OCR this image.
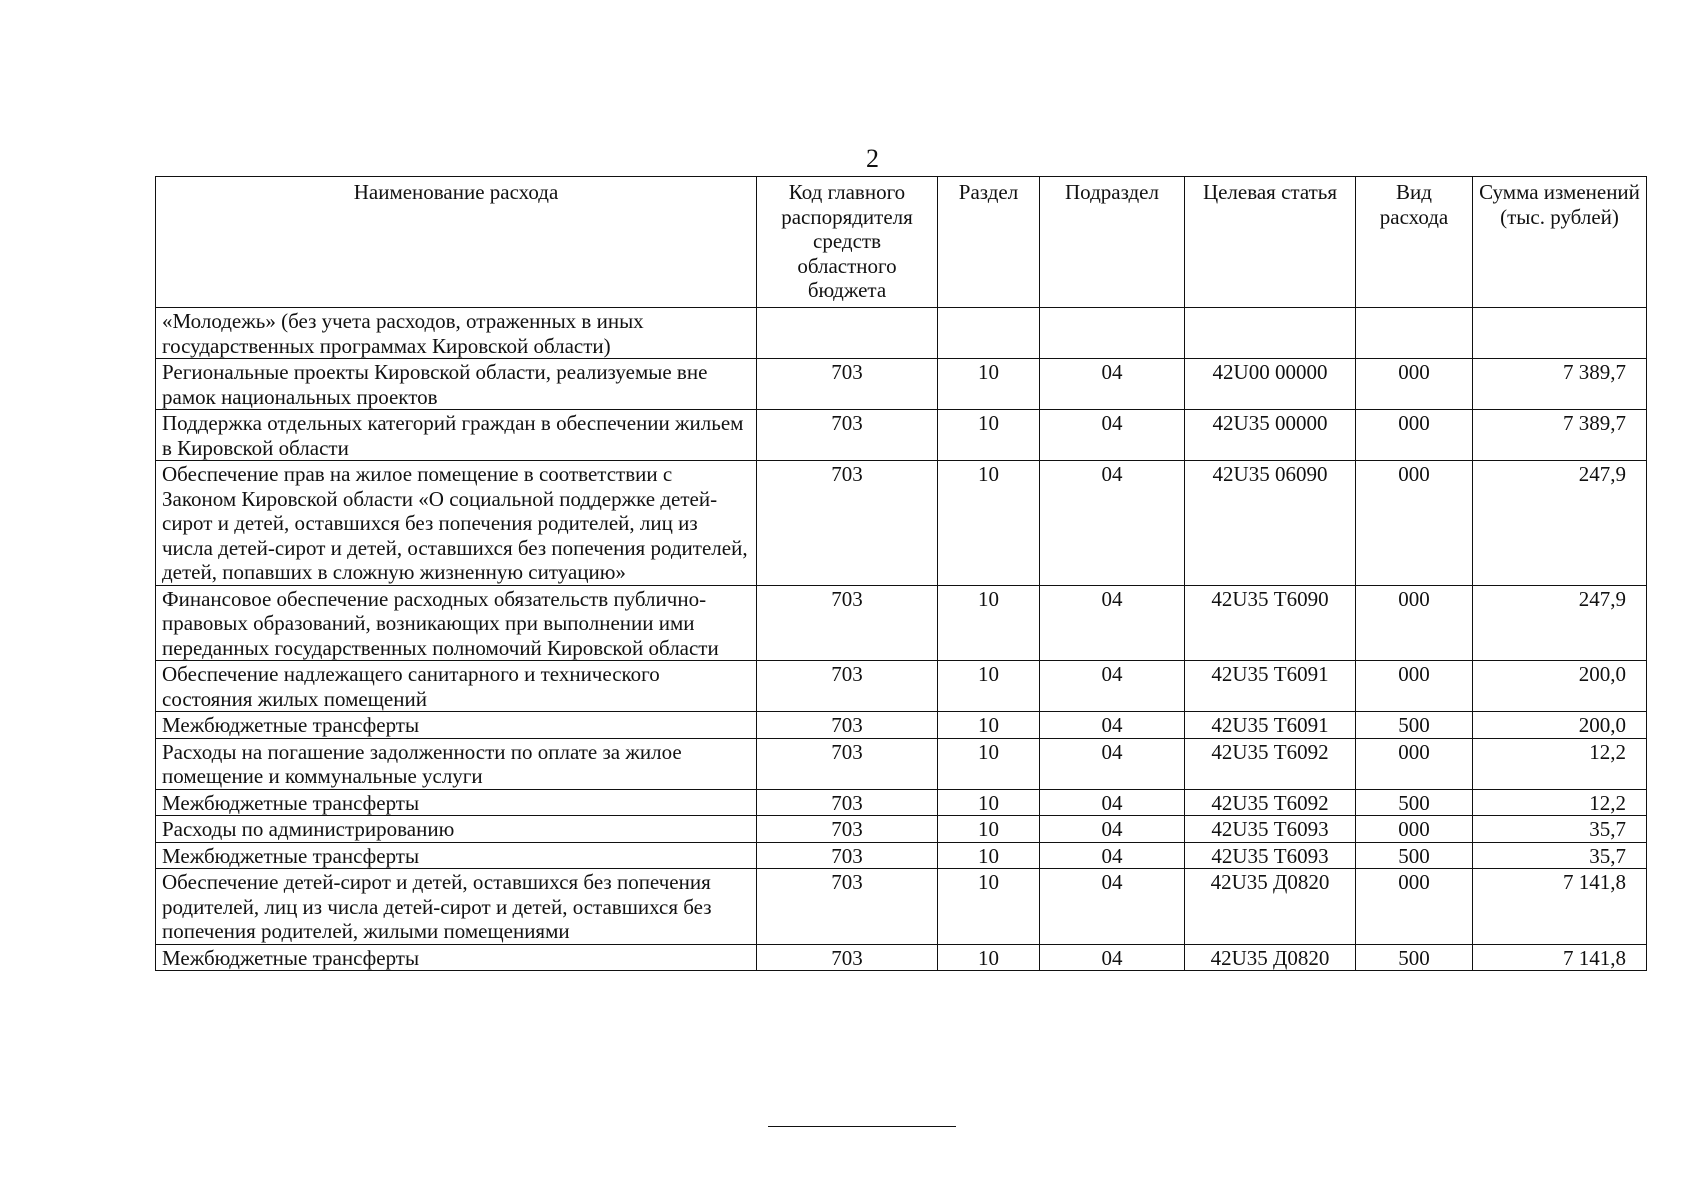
2
Наименование расхода	Код главного распорядителя средств областного бюджета	Раздел	Подраздел	Целевая статья	Вид расхода	Сумма изменений (тыс. рублей)
«Молодежь» (без учета расходов, отраженных в иных государственных программах Кировской области)						
Региональные проекты Кировской области, реализуемые вне рамок национальных проектов	703	10	04	42U00 00000	000	7 389,7
Поддержка отдельных категорий граждан в обеспечении жильем в Кировской области	703	10	04	42U35 00000	000	7 389,7
Обеспечение прав на жилое помещение в соответствии с Законом Кировской области «О социальной поддержке детей-сирот и детей, оставшихся без попечения родителей, лиц из числа детей-сирот и детей, оставшихся без попечения родителей, детей, попавших в сложную жизненную ситуацию»	703	10	04	42U35 06090	000	247,9
Финансовое обеспечение расходных обязательств публично-правовых образований, возникающих при выполнении ими переданных государственных полномочий Кировской области	703	10	04	42U35 Т6090	000	247,9
Обеспечение надлежащего санитарного и технического состояния жилых помещений	703	10	04	42U35 Т6091	000	200,0
Межбюджетные трансферты	703	10	04	42U35 Т6091	500	200,0
Расходы на погашение задолженности по оплате за жилое помещение и коммунальные услуги	703	10	04	42U35 Т6092	000	12,2
Межбюджетные трансферты	703	10	04	42U35 Т6092	500	12,2
Расходы по администрированию	703	10	04	42U35 Т6093	000	35,7
Межбюджетные трансферты	703	10	04	42U35 Т6093	500	35,7
Обеспечение детей-сирот и детей, оставшихся без попечения родителей, лиц из числа детей-сирот и детей, оставшихся без попечения родителей, жилыми помещениями	703	10	04	42U35 Д0820	000	7 141,8
Межбюджетные трансферты	703	10	04	42U35 Д0820	500	7 141,8
